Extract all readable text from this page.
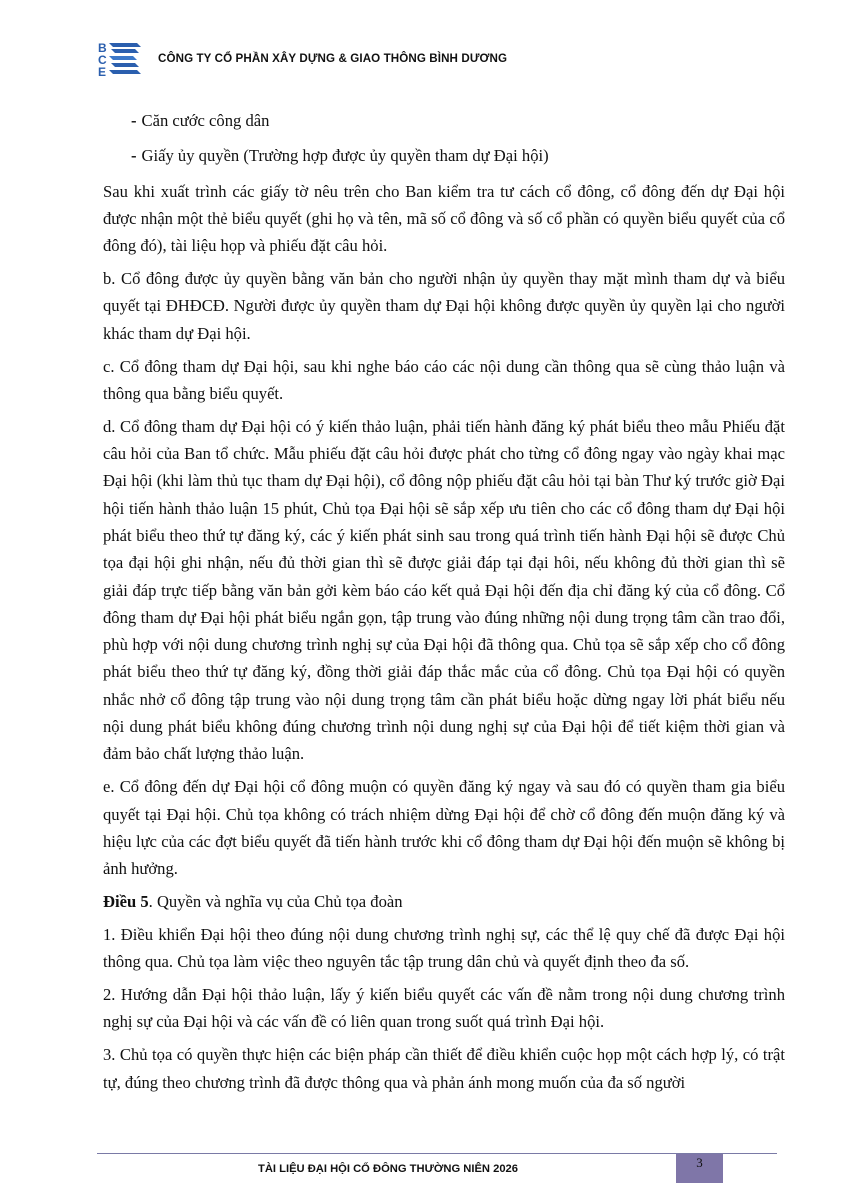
B
C
E
CÔNG TY CỔ PHẦN XÂY DỰNG & GIAO THÔNG BÌNH DƯƠNG

- Căn cước công dân

- Giấy ủy quyền (Trường hợp được ủy quyền tham dự Đại hội)

Sau khi xuất trình các giấy tờ nêu trên cho Ban kiểm tra tư cách cổ đông, cổ đông đến dự Đại hội được nhận một thẻ biểu quyết (ghi họ và tên, mã số cổ đông và số cổ phần có quyền biểu quyết của cổ đông đó), tài liệu họp và phiếu đặt câu hỏi.

b. Cổ đông được ủy quyền bằng văn bản cho người nhận ủy quyền thay mặt mình tham dự và biểu quyết tại ĐHĐCĐ. Người được ủy quyền tham dự Đại hội không được quyền ủy quyền lại cho người khác tham dự Đại hội.

c. Cổ đông tham dự Đại hội, sau khi nghe báo cáo các nội dung cần thông qua sẽ cùng thảo luận và thông qua bằng biểu quyết.

d. Cổ đông tham dự Đại hội có ý kiến thảo luận, phải tiến hành đăng ký phát biểu theo mẫu Phiếu đặt câu hỏi của Ban tổ chức. Mẫu phiếu đặt câu hỏi được phát cho từng cổ đông ngay vào ngày khai mạc Đại hội (khi làm thủ tục tham dự Đại hội), cổ đông nộp phiếu đặt câu hỏi tại bàn Thư ký trước giờ Đại hội tiến hành thảo luận 15 phút, Chủ tọa Đại hội sẽ sắp xếp ưu tiên cho các cổ đông tham dự Đại hội phát biểu theo thứ tự đăng ký, các ý kiến phát sinh sau trong quá trình tiến hành Đại hội sẽ được Chủ tọa đại hội ghi nhận, nếu đủ thời gian thì sẽ được giải đáp tại đại hôi, nếu không đủ thời gian thì sẽ giải đáp trực tiếp bằng văn bản gởi kèm báo cáo kết quả Đại hội đến địa chỉ đăng ký của cổ đông. Cổ đông tham dự Đại hội phát biểu ngắn gọn, tập trung vào đúng những nội dung trọng tâm cần trao đổi, phù hợp với nội dung chương trình nghị sự của Đại hội đã thông qua. Chủ tọa sẽ sắp xếp cho cổ đông phát biểu theo thứ tự đăng ký, đồng thời giải đáp thắc mắc của cổ đông. Chủ tọa Đại hội có quyền nhắc nhở cổ đông tập trung vào nội dung trọng tâm cần phát biểu hoặc dừng ngay lời phát biểu nếu nội dung phát biểu không đúng chương trình nội dung nghị sự của Đại hội để tiết kiệm thời gian và đảm bảo chất lượng thảo luận.

e. Cổ đông đến dự Đại hội cổ đông muộn có quyền đăng ký ngay và sau đó có quyền tham gia biểu quyết tại Đại hội. Chủ tọa không có trách nhiệm dừng Đại hội để chờ cổ đông đến muộn đăng ký và hiệu lực của các đợt biểu quyết đã tiến hành trước khi cổ đông tham dự Đại hội đến muộn sẽ không bị ảnh hưởng.

Điều 5. Quyền và nghĩa vụ của Chủ tọa đoàn

1. Điều khiển Đại hội theo đúng nội dung chương trình nghị sự, các thể lệ quy chế đã được Đại hội thông qua. Chủ tọa làm việc theo nguyên tắc tập trung dân chủ và quyết định theo đa số.

2. Hướng dẫn Đại hội thảo luận, lấy ý kiến biểu quyết các vấn đề nằm trong nội dung chương trình nghị sự của Đại hội và các vấn đề có liên quan trong suốt quá trình Đại hội.

3. Chủ tọa có quyền thực hiện các biện pháp cần thiết để điều khiển cuộc họp một cách hợp lý, có trật tự, đúng theo chương trình đã được thông qua và phản ánh mong muốn của đa số người

TÀI LIỆU ĐẠI HỘI CỔ ĐÔNG THƯỜNG NIÊN 2026	3
